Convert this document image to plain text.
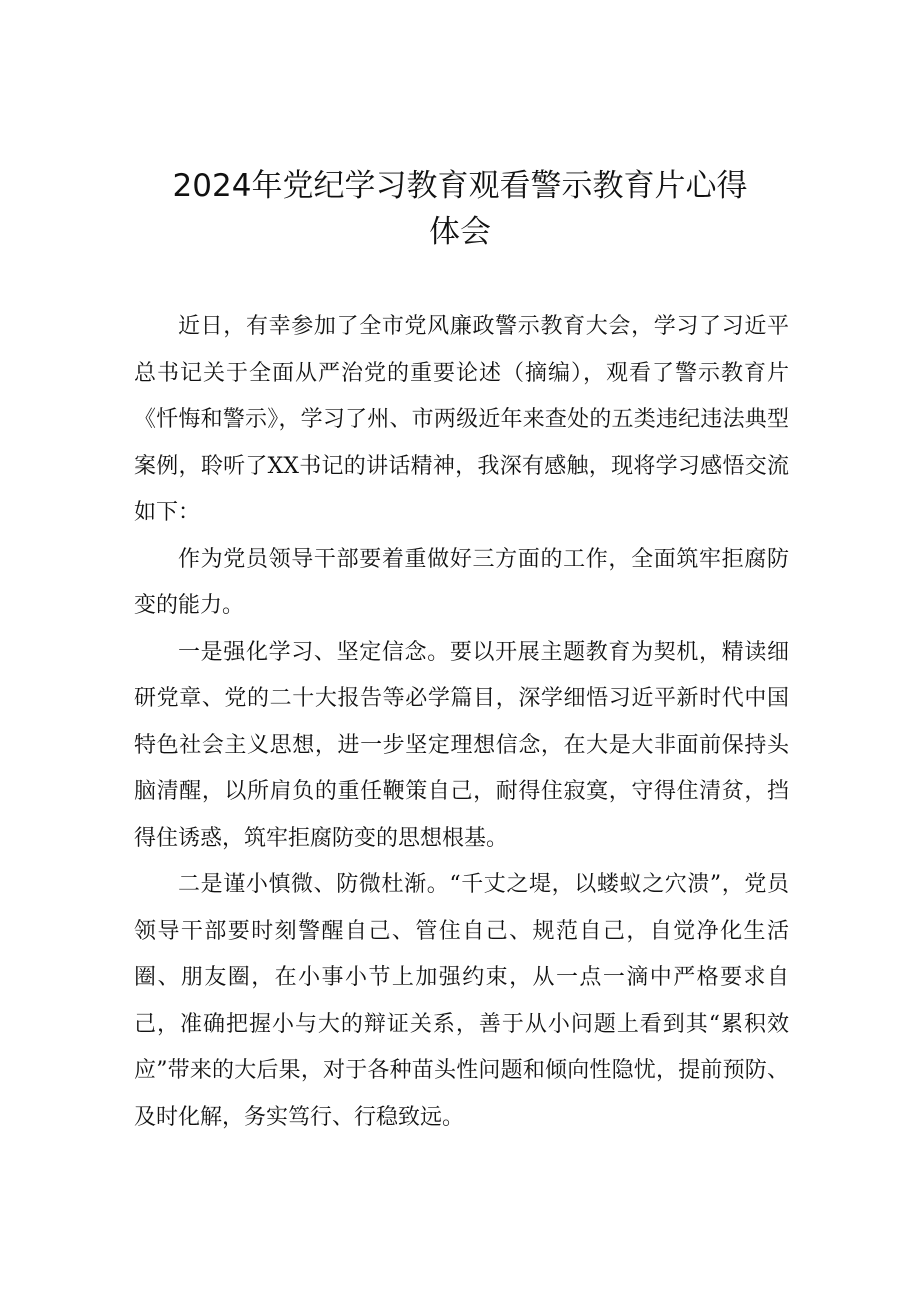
2024年党纪学习教育观看警示教育片心得
体会

近日，有幸参加了全市党风廉政警示教育大会，学习了习近平总书记关于全面从严治党的重要论述（摘编），观看了警示教育片《忏悔和警示》，学习了州、市两级近年来查处的五类违纪违法典型案例，聆听了XX书记的讲话精神，我深有感触，现将学习感悟交流如下：

作为党员领导干部要着重做好三方面的工作，全面筑牢拒腐防变的能力。

一是强化学习、坚定信念。要以开展主题教育为契机，精读细研党章、党的二十大报告等必学篇目，深学细悟习近平新时代中国特色社会主义思想，进一步坚定理想信念，在大是大非面前保持头脑清醒，以所肩负的重任鞭策自己，耐得住寂寞，守得住清贫，挡得住诱惑，筑牢拒腐防变的思想根基。

二是谨小慎微、防微杜渐。“千丈之堤，以蝼蚁之穴溃”，党员领导干部要时刻警醒自己、管住自己、规范自己，自觉净化生活圈、朋友圈，在小事小节上加强约束，从一点一滴中严格要求自己，准确把握小与大的辩证关系，善于从小问题上看到其“累积效应”带来的大后果，对于各种苗头性问题和倾向性隐忧，提前预防、及时化解，务实笃行、行稳致远。
